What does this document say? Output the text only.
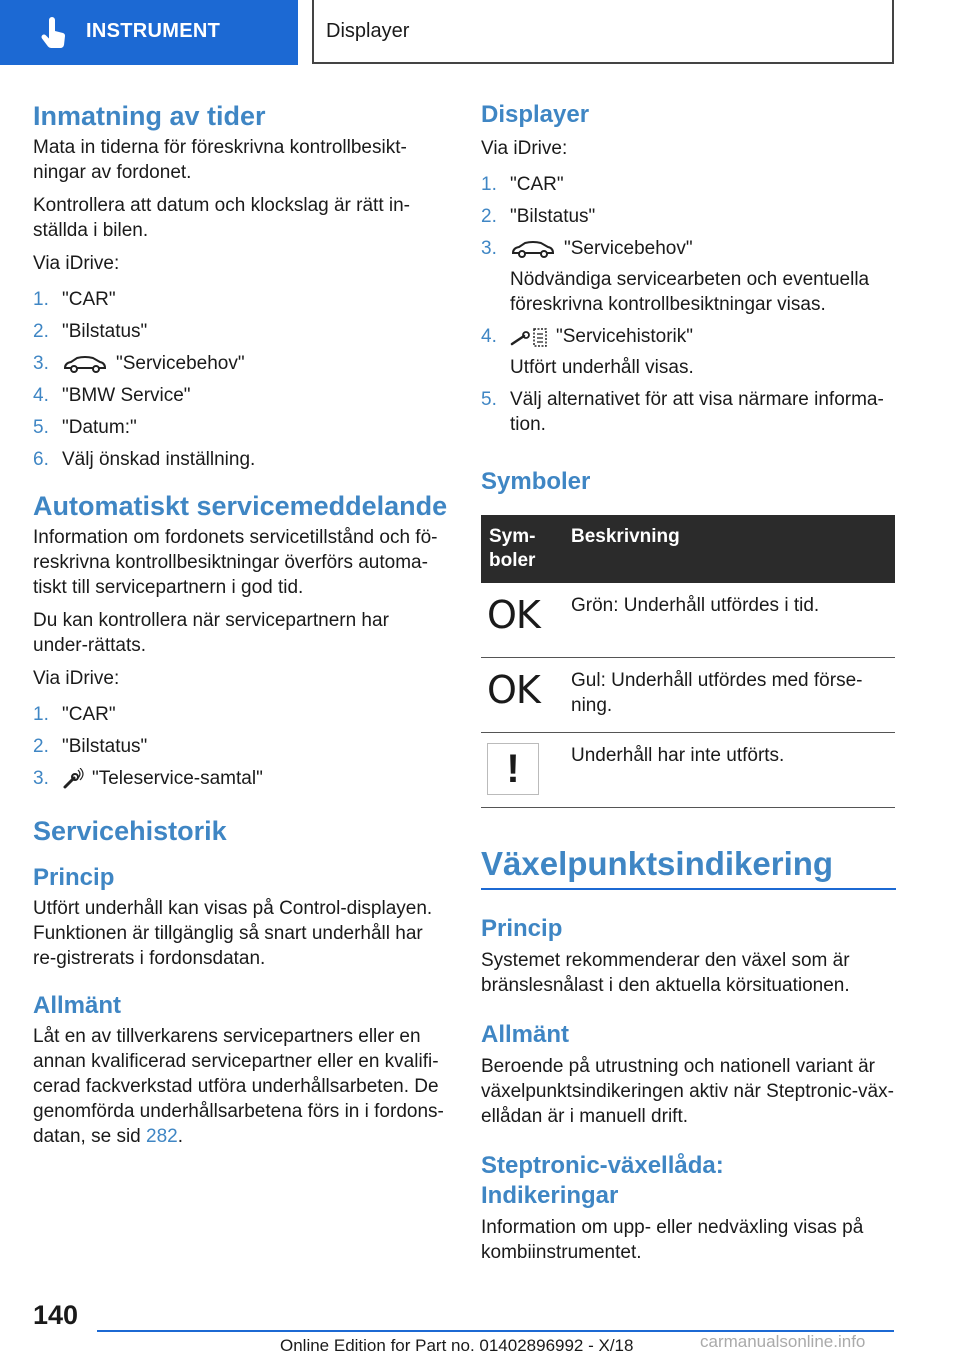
INSTRUMENT	Displayer
Inmatning av tider

Mata in tiderna för föreskrivna kontrollbesikt-ningar av fordonet.

Kontrollera att datum och klockslag är rätt in-ställda i bilen.

Via iDrive:

1. "CAR"
2. "Bilstatus"
3.	"Servicebehov"
4. "BMW Service"
5. "Datum:"
6. Välj önskad inställning.
Automatiskt servicemeddelande

Information om fordonets servicetillstånd och fö-reskrivna kontrollbesiktningar överförs automa-tiskt till servicepartnern i god tid.

Du kan kontrollera när servicepartnern har under-rättats.

Via iDrive:

1. "CAR"
2. "Bilstatus"
3. "Teleservice-samtal"
Servicehistorik
Princip

Utfört underhåll kan visas på Control-displayen. Funktionen är tillgänglig så snart underhåll har re-gistrerats i fordonsdatan.

Allmänt

Låt en av tillverkarens servicepartners eller en annan kvalificerad servicepartner eller en kvalifi-cerad fackverkstad utföra underhållsarbeten. De genomförda underhållsarbetena förs in i fordons-datan, se sid 282.

Displayer

Via iDrive:

1. "CAR"
2. "Bilstatus"
3.	"Servicebehov"
Nödvändiga servicearbeten och eventuella föreskrivna kontrollbesiktningar visas.
4.	"Servicehistorik"
Utfört underhåll visas.
5. Välj alternativet för att visa närmare informa-tion.
Symboler
Sym-boler	Beskrivning
OK	Grön: Underhåll utfördes i tid.
OK	Gul: Underhåll utfördes med förse-ning.

!	Underhåll har inte utförts.
Växelpunktsindikering
Princip

Systemet rekommenderar den växel som är bränslesnålast i den aktuella körsituationen.

Allmänt

Beroende på utrustning och nationell variant är växelpunktsindikeringen aktiv när Steptronic-väx-ellådan är i manuell drift.

Steptronic-växellåda: Indikeringar

Information om upp- eller nedväxling visas på kombiinstrumentet.

140
Online Edition for Part no. 01402896992 - X/18	carmanualsonline.info
